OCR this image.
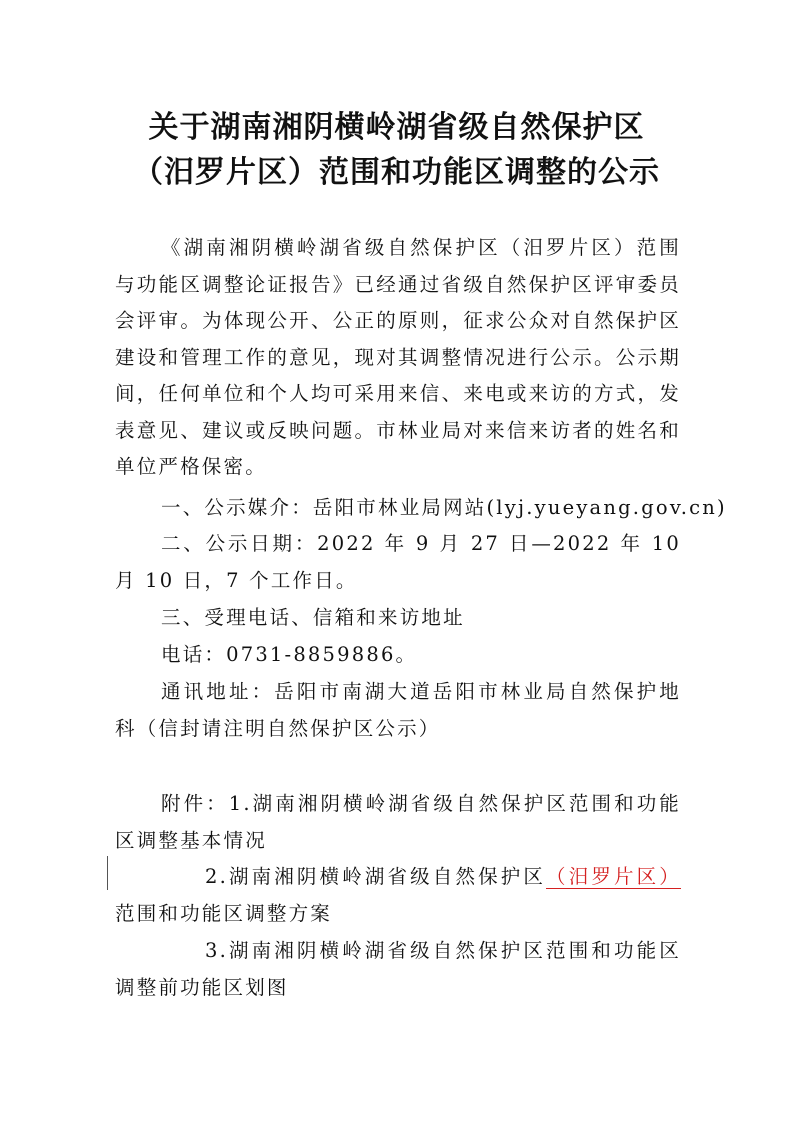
关于湖南湘阴横岭湖省级自然保护区
（汨罗片区）范围和功能区调整的公示
《湖南湘阴横岭湖省级自然保护区（汨罗片区）范围与功能区调整论证报告》已经通过省级自然保护区评审委员会评审。为体现公开、公正的原则，征求公众对自然保护区建设和管理工作的意见，现对其调整情况进行公示。公示期间，任何单位和个人均可采用来信、来电或来访的方式，发表意见、建议或反映问题。市林业局对来信来访者的姓名和单位严格保密。
一、公示媒介：岳阳市林业局网站(lyj.yueyang.gov.cn)
二、公示日期：2022 年 9 月 27 日—2022 年 10 月 10 日，7 个工作日。
三、受理电话、信箱和来访地址
电话：0731-8859886。
通讯地址：岳阳市南湖大道岳阳市林业局自然保护地科（信封请注明自然保护区公示）
附件：1.湖南湘阴横岭湖省级自然保护区范围和功能区调整基本情况
2.湖南湘阴横岭湖省级自然保护区（汨罗片区）范围和功能区调整方案
3.湖南湘阴横岭湖省级自然保护区范围和功能区调整前功能区划图
